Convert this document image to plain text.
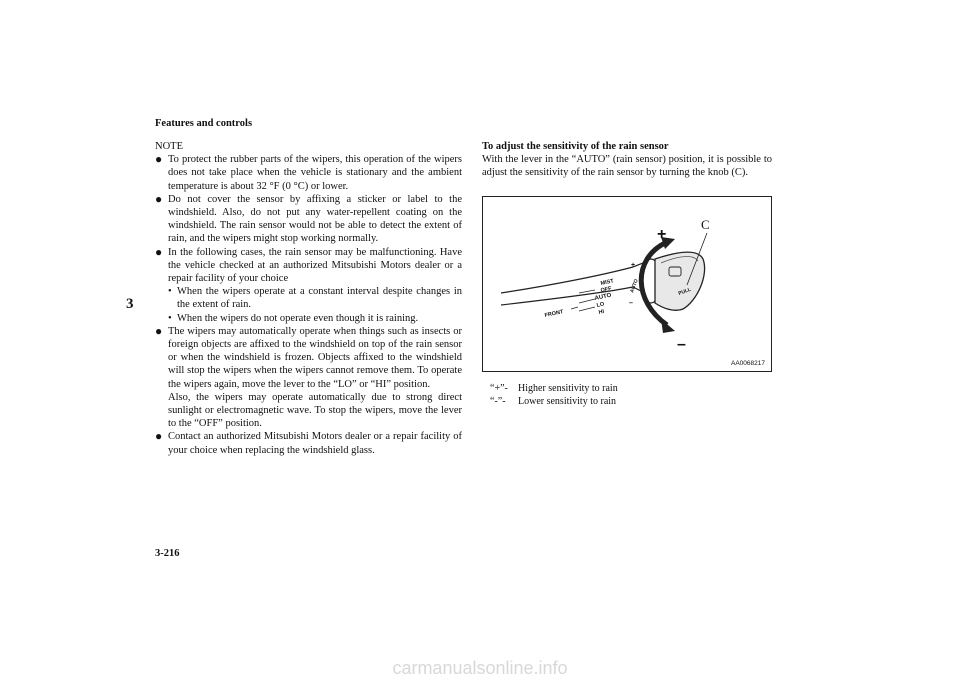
Features and controls
3
3-216
carmanualsonline.info
NOTE
● To protect the rubber parts of the wipers, this operation of the wipers does not take place when the vehicle is stationary and the ambient temperature is about 32 °F (0 °C) or lower.
● Do not cover the sensor by affixing a sticker or label to the windshield. Also, do not put any water-repellent coating on the windshield. The rain sensor would not be able to detect the extent of rain, and the wipers might stop working normally.
● In the following cases, the rain sensor may be malfunctioning. Have the vehicle checked at an authorized Mitsubishi Motors dealer or a repair facility of your choice
• When the wipers operate at a constant interval despite changes in the extent of rain.
• When the wipers do not operate even though it is raining.
● The wipers may automatically operate when things such as insects or foreign objects are affixed to the windshield on top of the rain sensor or when the windshield is frozen. Objects affixed to the windshield will stop the wipers when the wipers cannot remove them. To operate the wipers again, move the lever to the “LO” or “HI” position.
Also, the wipers may operate automatically due to strong direct sunlight or electromagnetic wave. To stop the wipers, move the lever to the “OFF” position.
● Contact an authorized Mitsubishi Motors dealer or a repair facility of your choice when replacing the windshield glass.
To adjust the sensitivity of the rain sensor
With the lever in the “AUTO” (rain sensor) position, it is possible to adjust the sensitivity of the rain sensor by turning the knob (C).
C
+
–
+
AUTO
–
PULL
MIST
OFF
AUTO
LO
HI
FRONT
AA0068217
“+”- Higher sensitivity to rain
“-”- Lower sensitivity to rain
